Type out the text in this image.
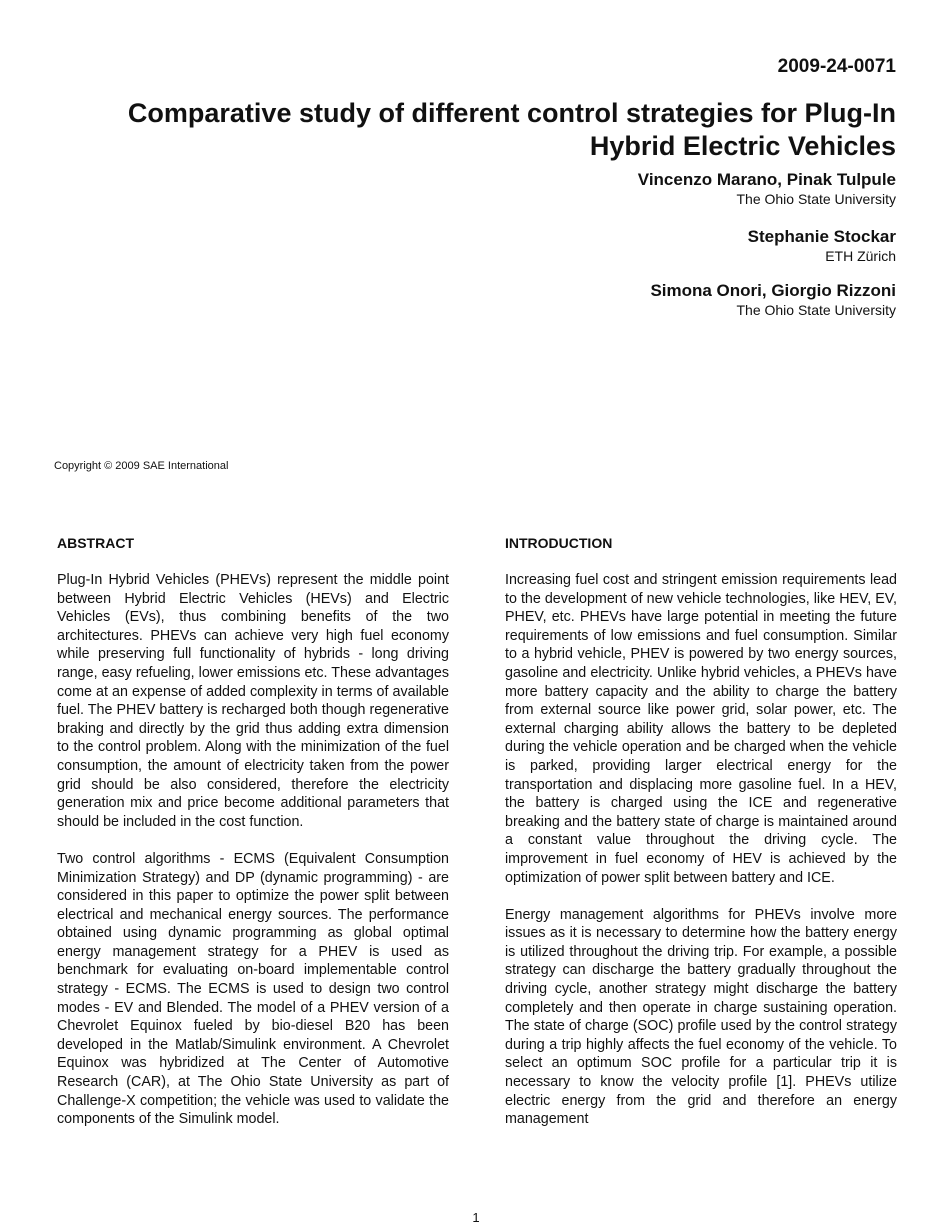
2009-24-0071
Comparative study of different control strategies for Plug-In Hybrid Electric Vehicles
Vincenzo Marano, Pinak Tulpule
The Ohio State University
Stephanie Stockar
ETH Zürich
Simona Onori, Giorgio Rizzoni
The Ohio State University
Copyright © 2009 SAE International
ABSTRACT

Plug-In Hybrid Vehicles (PHEVs) represent the middle point between Hybrid Electric Vehicles (HEVs) and Electric Vehicles (EVs), thus combining benefits of the two architectures. PHEVs can achieve very high fuel economy while preserving full functionality of hybrids - long driving range, easy refueling, lower emissions etc. These advantages come at an expense of added complexity in terms of available fuel. The PHEV battery is recharged both though regenerative braking and directly by the grid thus adding extra dimension to the control problem. Along with the minimization of the fuel consumption, the amount of electricity taken from the power grid should be also considered, therefore the electricity generation mix and price become additional parameters that should be included in the cost function.

Two control algorithms - ECMS (Equivalent Consumption Minimization Strategy) and DP (dynamic programming) - are considered in this paper to optimize the power split between electrical and mechanical energy sources. The performance obtained using dynamic programming as global optimal energy management strategy for a PHEV is used as benchmark for evaluating on-board implementable control strategy - ECMS. The ECMS is used to design two control modes - EV and Blended. The model of a PHEV version of a Chevrolet Equinox fueled by bio-diesel B20 has been developed in the Matlab/Simulink environment. A Chevrolet Equinox was hybridized at The Center of Automotive Research (CAR), at The Ohio State University as part of Challenge-X competition; the vehicle was used to validate the components of the Simulink model.

INTRODUCTION

Increasing fuel cost and stringent emission requirements lead to the development of new vehicle technologies, like HEV, EV, PHEV, etc. PHEVs have large potential in meeting the future requirements of low emissions and fuel consumption. Similar to a hybrid vehicle, PHEV is powered by two energy sources, gasoline and electricity. Unlike hybrid vehicles, a PHEVs have more battery capacity and the ability to charge the battery from external source like power grid, solar power, etc. The external charging ability allows the battery to be depleted during the vehicle operation and be charged when the vehicle is parked, providing larger electrical energy for the transportation and displacing more gasoline fuel. In a HEV, the battery is charged using the ICE and regenerative breaking and the battery state of charge is maintained around a constant value throughout the driving cycle. The improvement in fuel economy of HEV is achieved by the optimization of power split between battery and ICE.

Energy management algorithms for PHEVs involve more issues as it is necessary to determine how the battery energy is utilized throughout the driving trip. For example, a possible strategy can discharge the battery gradually throughout the driving cycle, another strategy might discharge the battery completely and then operate in charge sustaining operation. The state of charge (SOC) profile used by the control strategy during a trip highly affects the fuel economy of the vehicle. To select an optimum SOC profile for a particular trip it is necessary to know the velocity profile [1]. PHEVs utilize electric energy from the grid and therefore an energy management

1
